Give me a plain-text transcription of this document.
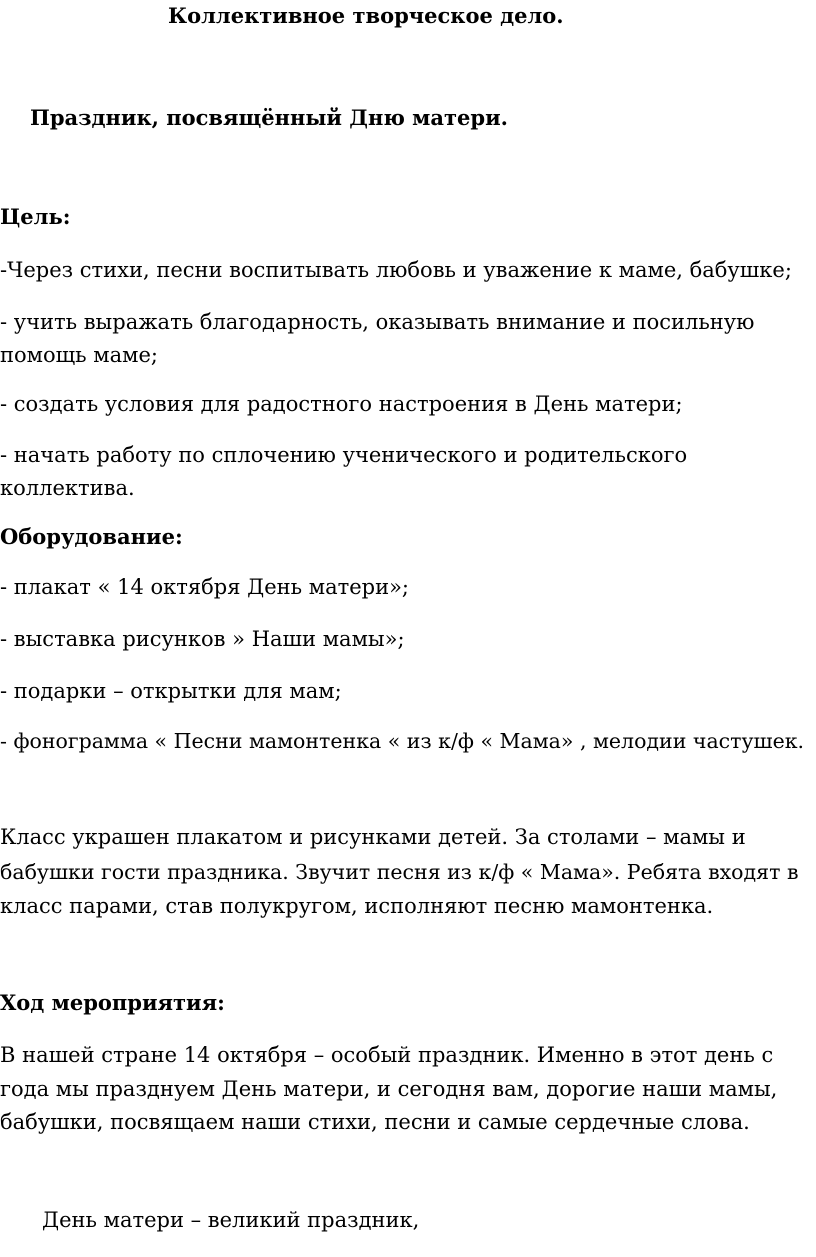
Коллективное творческое дело.

Праздник, посвящённый Дню матери.

Цель:

-Через стихи, песни воспитывать любовь и уважение к маме, бабушке;

- учить выражать благодарность, оказывать внимание и посильную

помощь маме;

- создать условия для радостного настроения в День матери;

- начать работу по сплочению ученического и родительского

коллектива.

Оборудование:

- плакат « 14 октября День матери»;

- выставка рисунков » Наши мамы»;

- подарки – открытки для мам;

- фонограмма « Песни мамонтенка « из к/ф « Мама» , мелодии частушек.

Класс украшен плакатом и рисунками детей. За столами – мамы и

бабушки гости праздника. Звучит песня из к/ф « Мама». Ребята входят в

класс парами, став полукругом, исполняют песню мамонтенка.

Ход мероприятия:

В нашей стране 14 октября – особый праздник. Именно в этот день с

года мы празднуем День матери, и сегодня вам, дорогие наши мамы,

бабушки, посвящаем наши стихи, песни и самые сердечные слова.

День матери – великий праздник,
